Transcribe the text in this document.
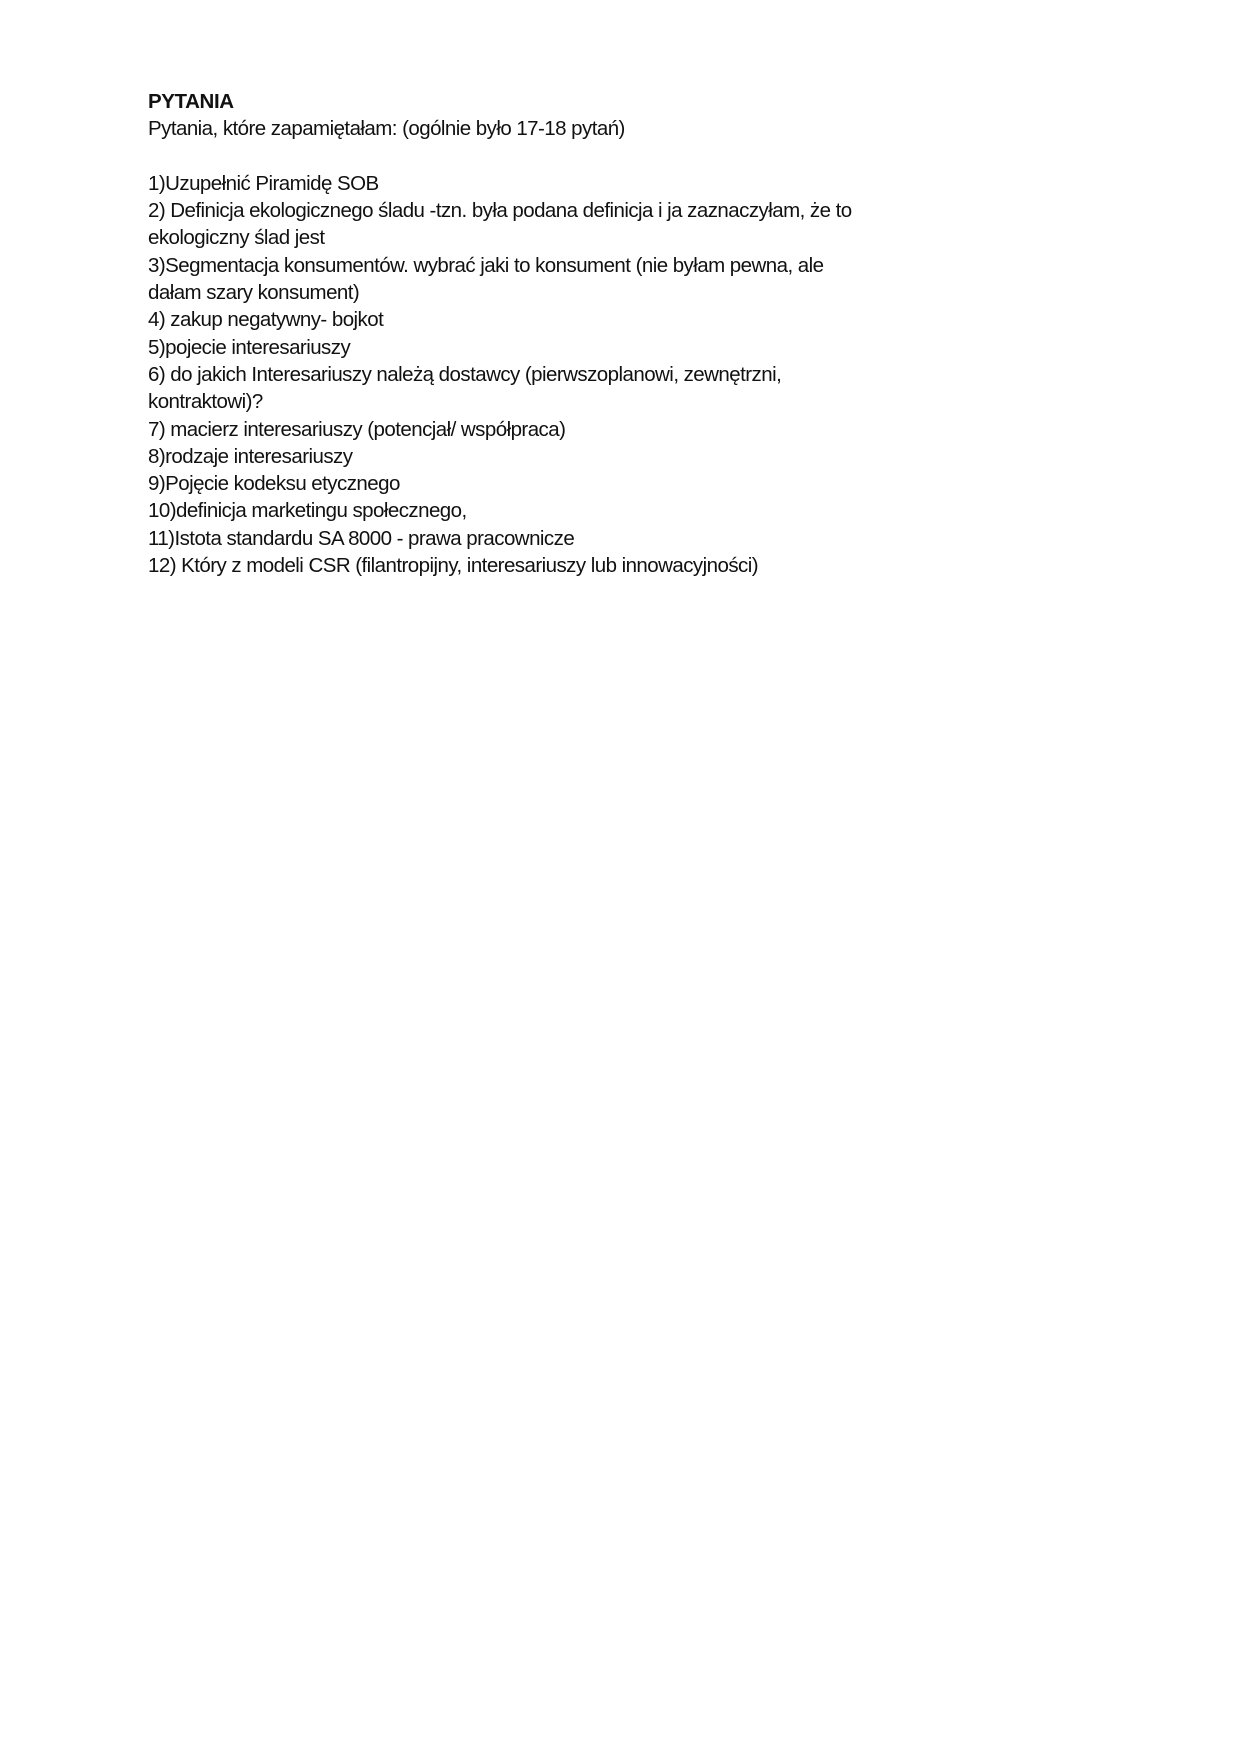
PYTANIA
Pytania, które zapamiętałam: (ogólnie było 17-18 pytań)
1)Uzupełnić Piramidę SOB
2) Definicja ekologicznego śladu -tzn. była podana definicja i ja zaznaczyłam, że to
ekologiczny ślad jest
3)Segmentacja konsumentów. wybrać jaki to konsument (nie byłam pewna, ale
dałam szary konsument)
4) zakup negatywny- bojkot
5)pojecie interesariuszy
6) do jakich Interesariuszy należą dostawcy (pierwszoplanowi, zewnętrzni,
kontraktowi)?
7) macierz interesariuszy (potencjał/ współpraca)
8)rodzaje interesariuszy
9)Pojęcie kodeksu etycznego
10)definicja marketingu społecznego,
11)Istota standardu SA 8000 - prawa pracownicze
12) Który z modeli CSR (filantropijny, interesariuszy lub innowacyjności)
